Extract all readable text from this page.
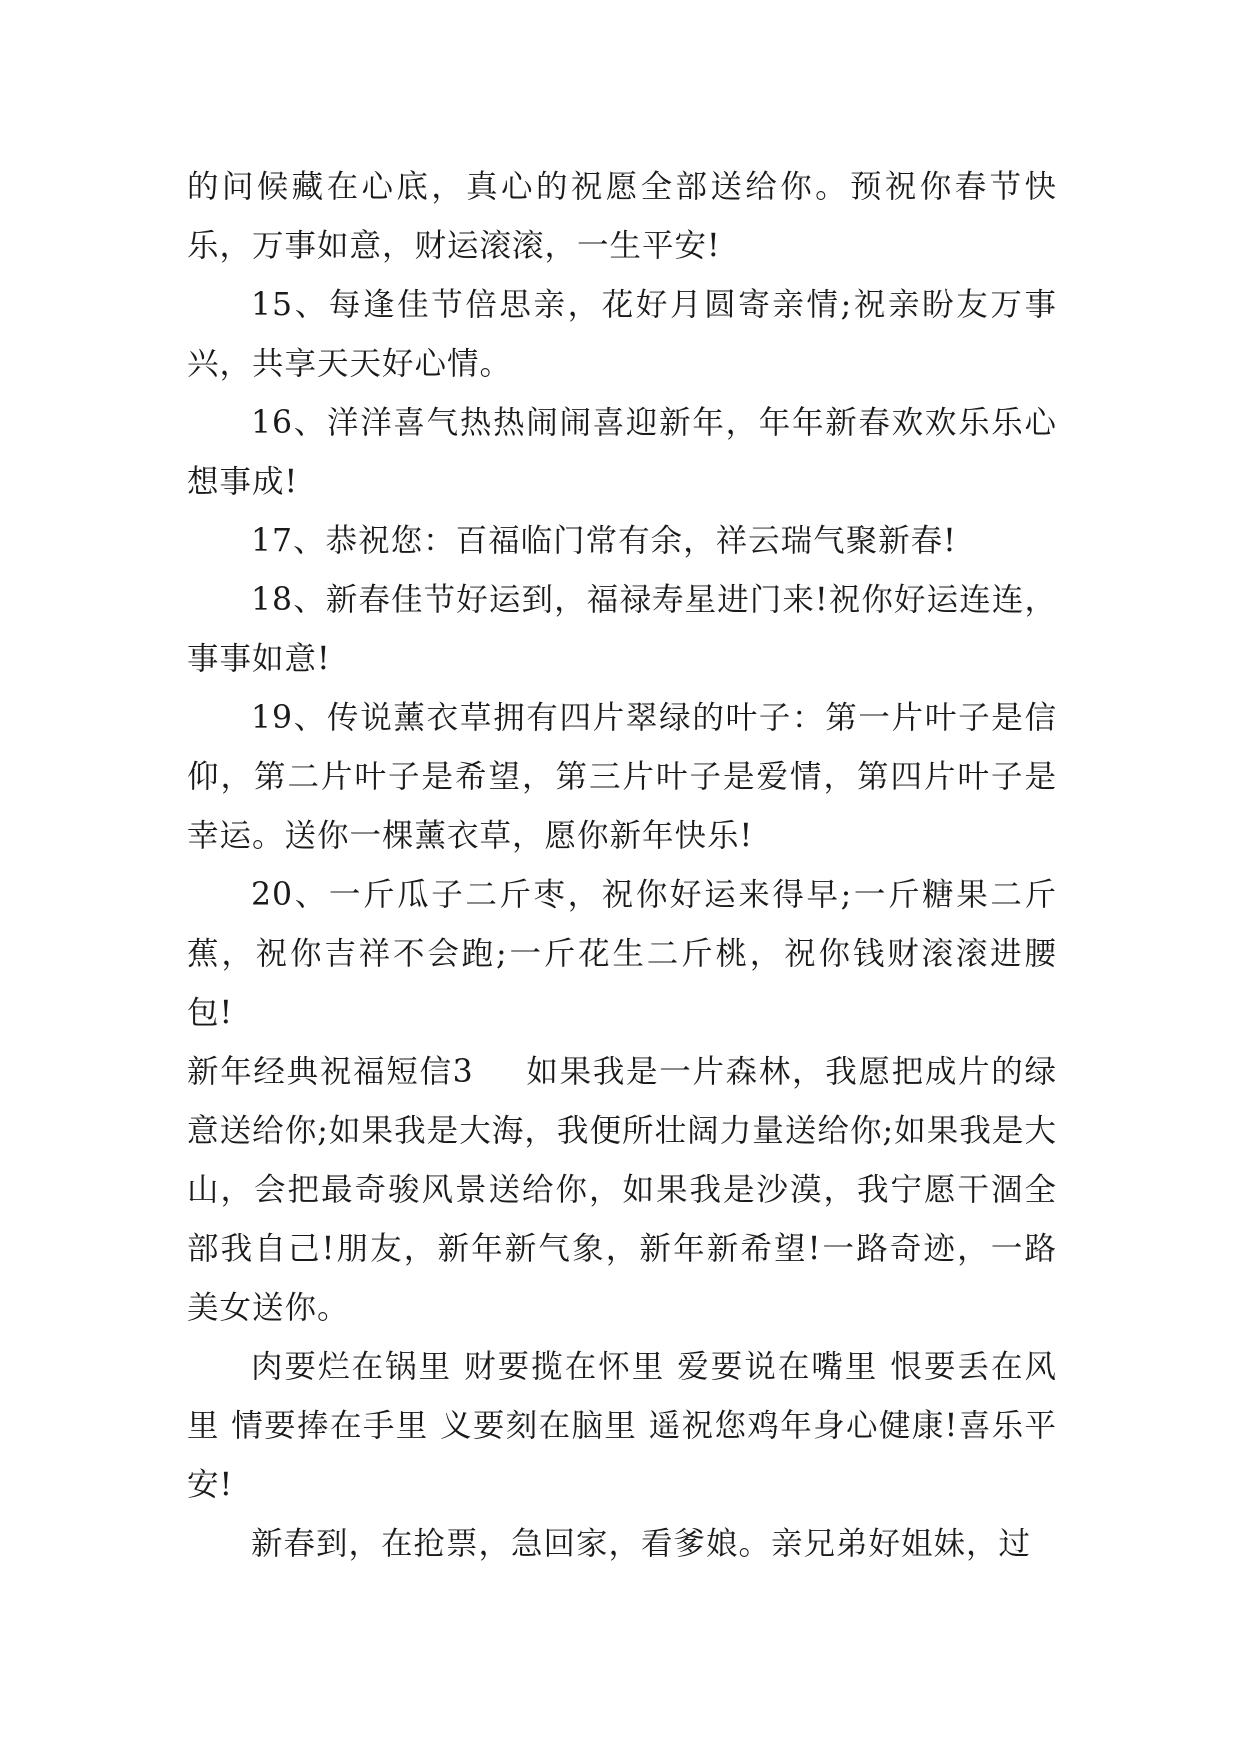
的问候藏在心底，真心的祝愿全部送给你。预祝你春节快乐，万事如意，财运滚滚，一生平安!

15、每逢佳节倍思亲，花好月圆寄亲情;祝亲盼友万事兴，共享天天好心情。

16、洋洋喜气热热闹闹喜迎新年，年年新春欢欢乐乐心想事成!

17、恭祝您：百福临门常有余，祥云瑞气聚新春!

18、新春佳节好运到，福禄寿星进门来!祝你好运连连，事事如意!

19、传说薰衣草拥有四片翠绿的叶子：第一片叶子是信仰，第二片叶子是希望，第三片叶子是爱情，第四片叶子是幸运。送你一棵薰衣草，愿你新年快乐!

20、一斤瓜子二斤枣，祝你好运来得早;一斤糖果二斤蕉，祝你吉祥不会跑;一斤花生二斤桃，祝你钱财滚滚进腰包!

新年经典祝福短信3 如果我是一片森林，我愿把成片的绿意送给你;如果我是大海，我便所壮阔力量送给你;如果我是大山，会把最奇骏风景送给你，如果我是沙漠，我宁愿干涸全部我自己!朋友，新年新气象，新年新希望!一路奇迹，一路美女送你。

肉要烂在锅里 财要揽在怀里 爱要说在嘴里 恨要丢在风里 情要捧在手里 义要刻在脑里 遥祝您鸡年身心健康!喜乐平安!

新春到，在抢票，急回家，看爹娘。亲兄弟好姐妹，过
